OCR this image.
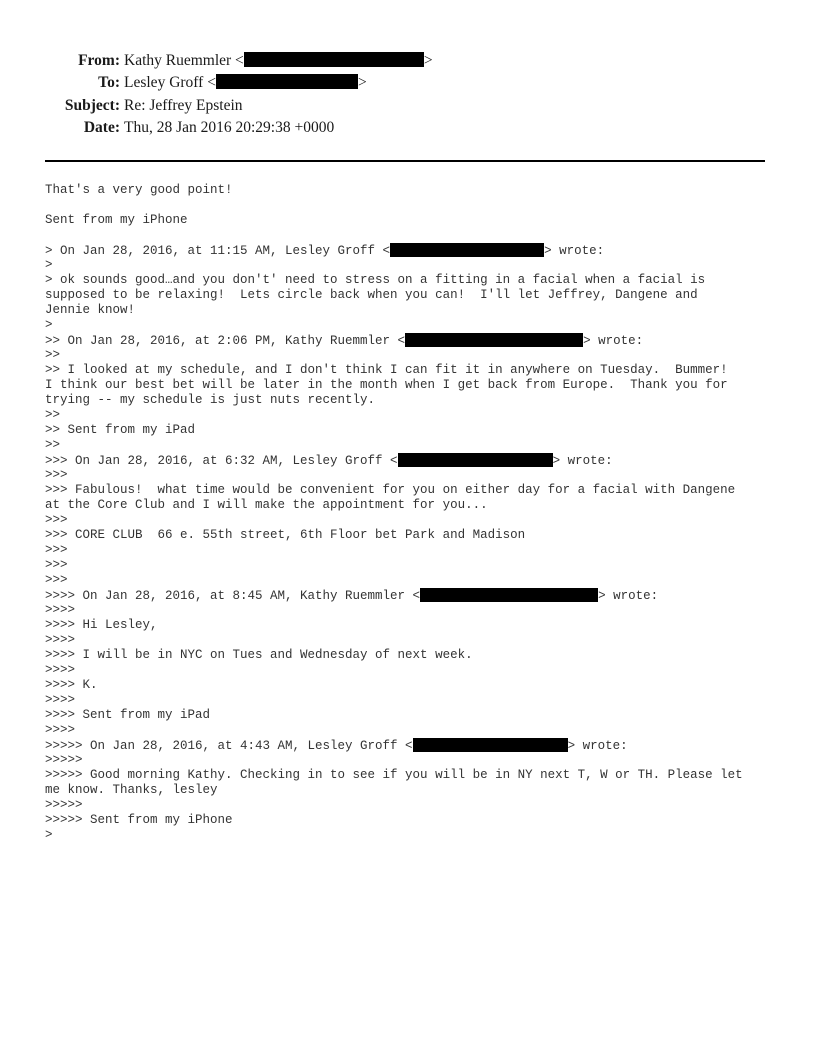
From: Kathy Ruemmler <	>
To: Lesley Groff <	>
Subject: Re: Jeffrey Epstein
Date: Thu, 28 Jan 2016 20:29:38 +0000
That's a very good point!
Sent from my iPhone
> On Jan 28, 2016, at 11:15 AM, Lesley Groff <	> wrote:
>
> ok sounds good…and you don't' need to stress on a fitting in a facial when a facial is
supposed to be relaxing!  Lets circle back when you can!  I'll let Jeffrey, Dangene and
Jennie know!
>
>> On Jan 28, 2016, at 2:06 PM, Kathy Ruemmler <	> wrote:
>>
>> I looked at my schedule, and I don't think I can fit it in anywhere on Tuesday.  Bummer!
I think our best bet will be later in the month when I get back from Europe.  Thank you for
trying -- my schedule is just nuts recently.
>>
>> Sent from my iPad
>>
>>> On Jan 28, 2016, at 6:32 AM, Lesley Groff <	> wrote:
>>>
>>> Fabulous!  what time would be convenient for you on either day for a facial with Dangene
at the Core Club and I will make the appointment for you...
>>>
>>> CORE CLUB  66 e. 55th street, 6th Floor bet Park and Madison
>>>
>>>
>>>
>>>> On Jan 28, 2016, at 8:45 AM, Kathy Ruemmler <	> wrote:
>>>>
>>>> Hi Lesley,
>>>>
>>>> I will be in NYC on Tues and Wednesday of next week.
>>>>
>>>> K.
>>>>
>>>> Sent from my iPad
>>>>
>>>>> On Jan 28, 2016, at 4:43 AM, Lesley Groff <	> wrote:
>>>>>
>>>>> Good morning Kathy. Checking in to see if you will be in NY next T, W or TH. Please let
me know. Thanks, lesley
>>>>>
>>>>> Sent from my iPhone
>
